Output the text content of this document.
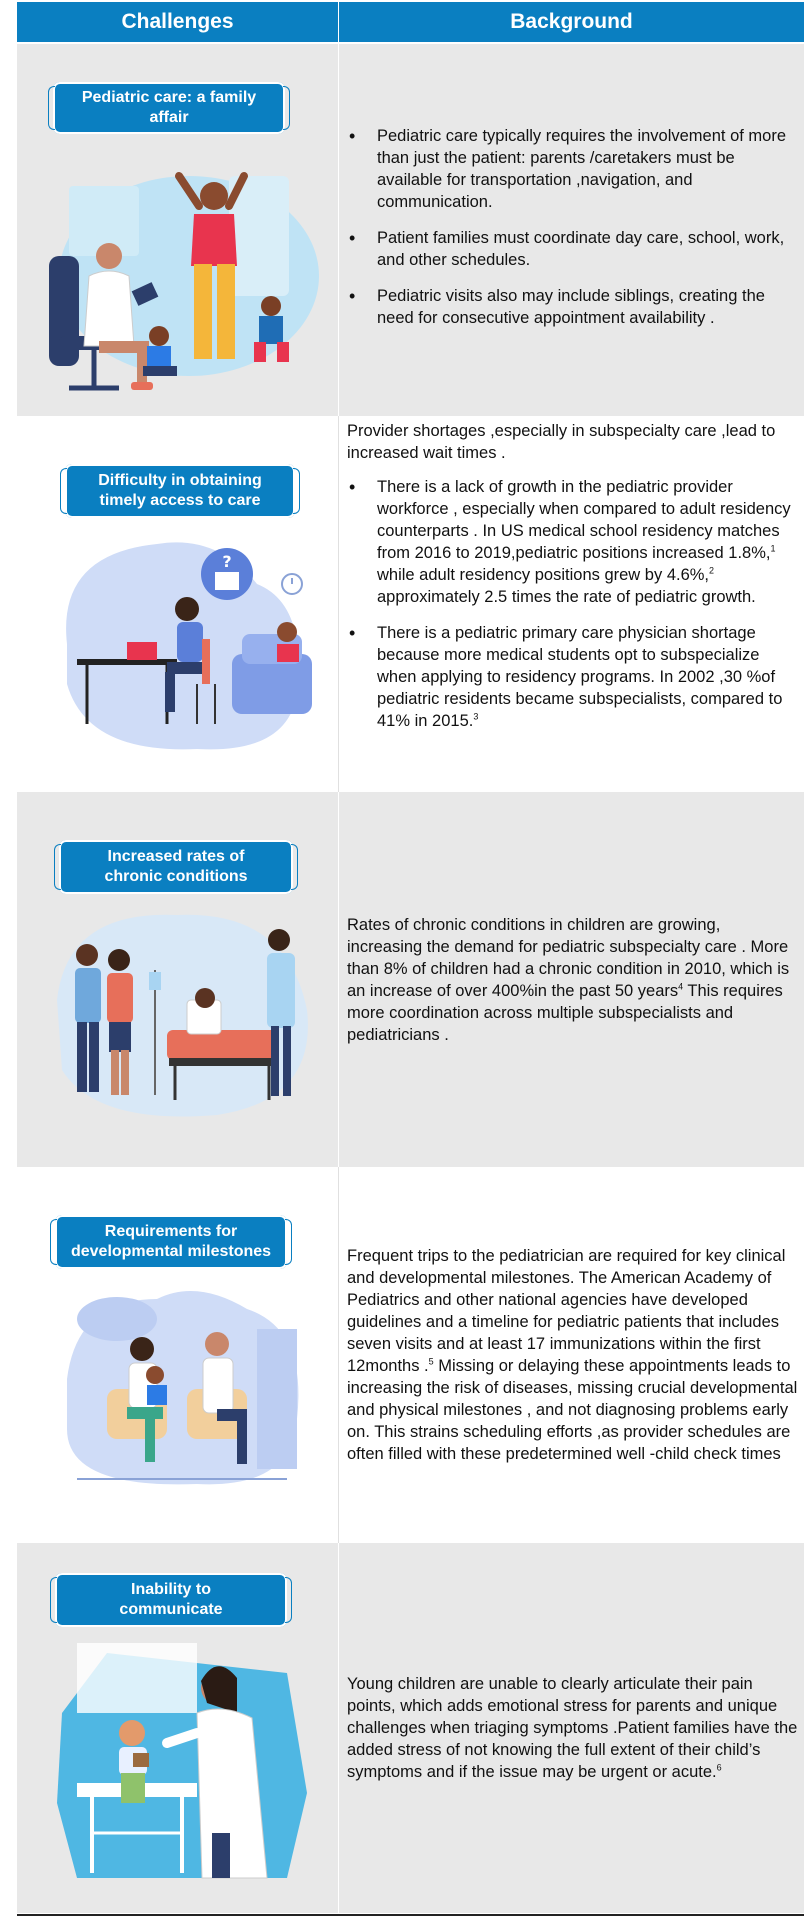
Challenges	Background
Pediatric care: a family affair
• Pediatric care typically requires the involvement of more than just the patient: parents /caretakers must be available for transportation ,navigation, and communication.
• Patient families must coordinate day care, school, work, and other schedules.
• Pediatric visits also may include siblings, creating the need for consecutive appointment availability .
Difficulty in obtaining timely access to care
?

Provider shortages ,especially in subspecialty care ,lead to increased wait times .

• There is a lack of growth in the pediatric provider workforce , especially when compared to adult residency counterparts . In US medical school residency matches from 2016 to 2019,pediatric positions increased 1.8%,$^1$ while adult residency positions grew by 4.6%,$^2$ approximately 2.5 times the rate of pediatric growth.
• There is a pediatric primary care physician shortage because more medical students opt to subspecialize when applying to residency programs. In 2002 ,30 %of pediatric residents became subspecialists, compared to 41% in 2015.$^3$
Increased rates of chronic conditions

Rates of chronic conditions in children are growing, increasing the demand for pediatric subspecialty care . More than 8% of children had a chronic condition in 2010, which is an increase of over 400%in the past 50 years$^4$ This requires more coordination across multiple subspecialists and pediatricians .

Requirements for developmental milestones	Frequent trips to the pediatrician are required for key clinical and developmental milestones. The American Academy of Pediatrics and other national agencies have developed guidelines and a timeline for pediatric patients that includes seven visits and at least 17 immunizations within the first 12months .$^5$ Missing or delaying these appointments leads to increasing the risk of diseases, missing crucial developmental and physical milestones , and not diagnosing problems early on. This strains scheduling efforts ,as provider schedules are often filled with these predetermined well -child check times

Inability to communicate

Young children are unable to clearly articulate their pain points, which adds emotional stress for parents and unique challenges when triaging symptoms .Patient families have the added stress of not knowing the full extent of their child’s symptoms and if the issue may be urgent or acute.$^6$
